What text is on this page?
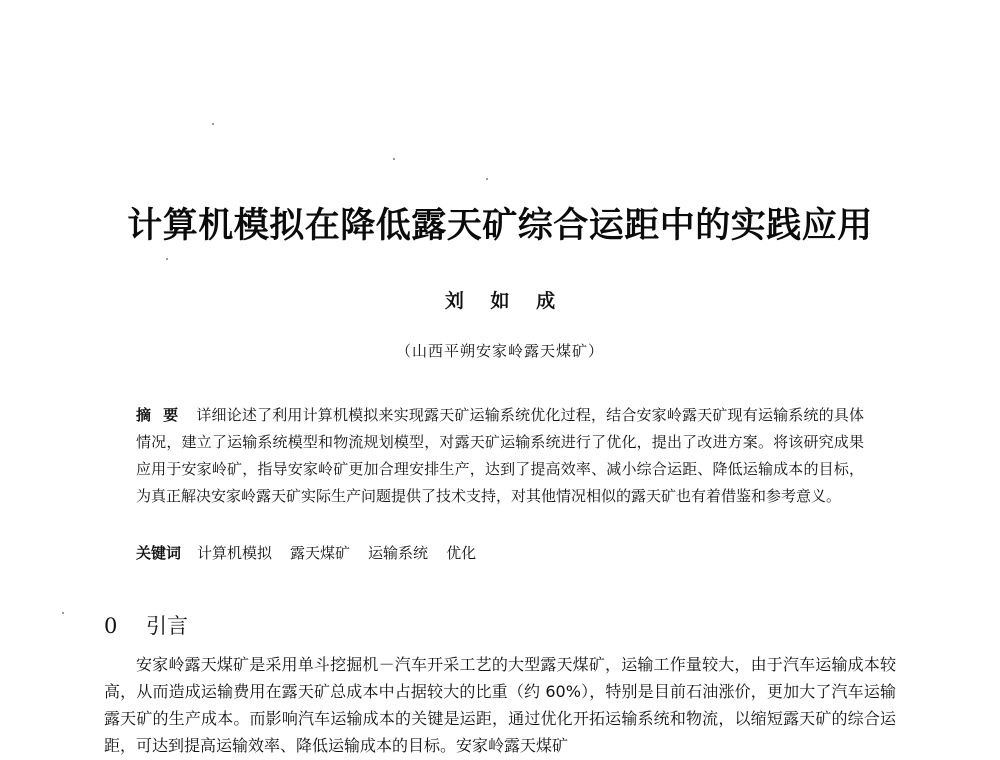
计算机模拟在降低露天矿综合运距中的实践应用
刘 如 成
（山西平朔安家岭露天煤矿）
摘要 详细论述了利用计算机模拟来实现露天矿运输系统优化过程，结合安家岭露天矿现有运输系统的具体情况，建立了运输系统模型和物流规划模型，对露天矿运输系统进行了优化，提出了改进方案。将该研究成果应用于安家岭矿，指导安家岭矿更加合理安排生产，达到了提高效率、减小综合运距、降低运输成本的目标，为真正解决安家岭露天矿实际生产问题提供了技术支持，对其他情况相似的露天矿也有着借鉴和参考意义。
关键词 计算机模拟 露天煤矿 运输系统 优化
0 引言
安家岭露天煤矿是采用单斗挖掘机－汽车开采工艺的大型露天煤矿，运输工作量较大，由于汽车运输成本较高，从而造成运输费用在露天矿总成本中占据较大的比重（约 60%），特别是目前石油涨价，更加大了汽车运输露天矿的生产成本。而影响汽车运输成本的关键是运距，通过优化开拓运输系统和物流，以缩短露天矿的综合运距，可达到提高运输效率、降低运输成本的目标。安家岭露天煤矿
